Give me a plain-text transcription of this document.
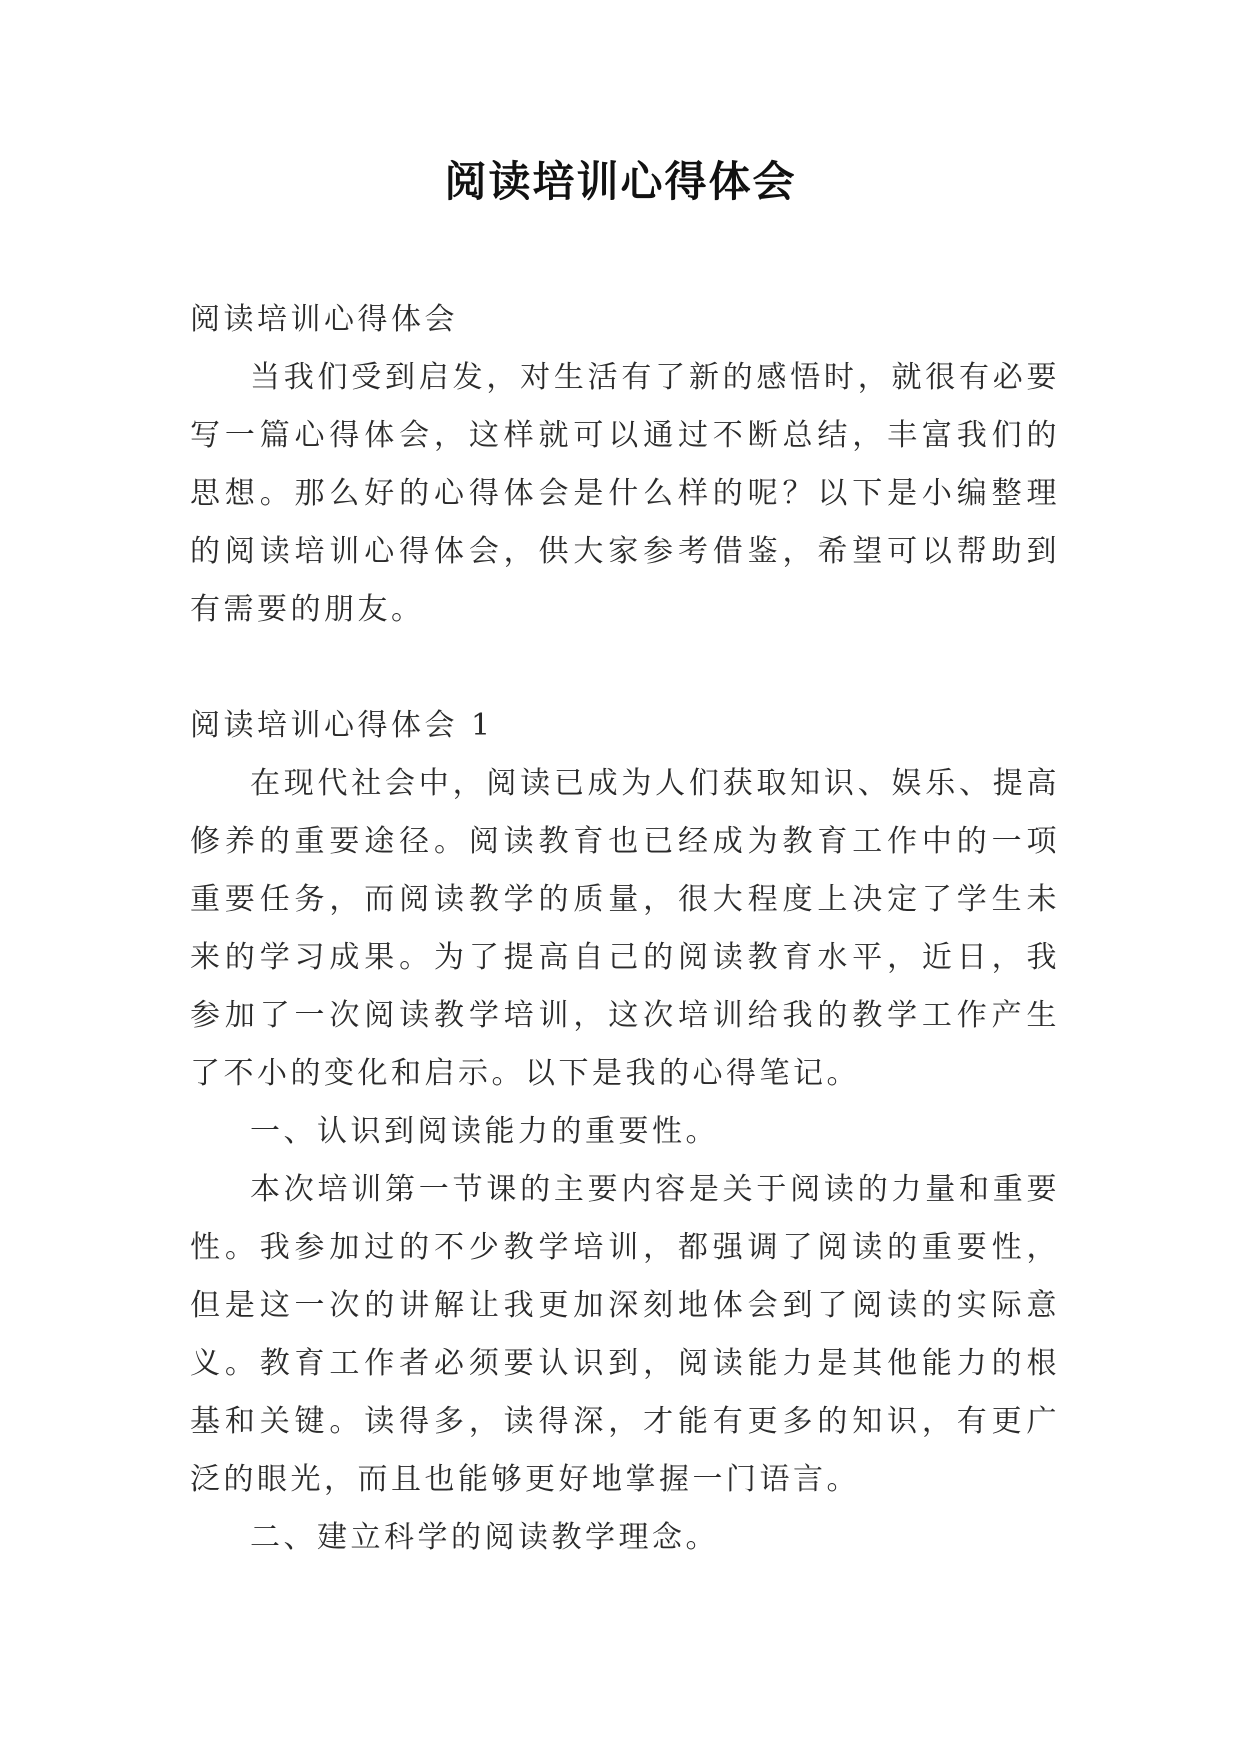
阅读培训心得体会

阅读培训心得体会

当我们受到启发，对生活有了新的感悟时，就很有必要写一篇心得体会，这样就可以通过不断总结，丰富我们的思想。那么好的心得体会是什么样的呢？以下是小编整理的阅读培训心得体会，供大家参考借鉴，希望可以帮助到有需要的朋友。

阅读培训心得体会 1

在现代社会中，阅读已成为人们获取知识、娱乐、提高修养的重要途径。阅读教育也已经成为教育工作中的一项重要任务，而阅读教学的质量，很大程度上决定了学生未来的学习成果。为了提高自己的阅读教育水平，近日，我参加了一次阅读教学培训，这次培训给我的教学工作产生了不小的变化和启示。以下是我的心得笔记。

一、认识到阅读能力的重要性。

本次培训第一节课的主要内容是关于阅读的力量和重要性。我参加过的不少教学培训，都强调了阅读的重要性，但是这一次的讲解让我更加深刻地体会到了阅读的实际意义。教育工作者必须要认识到，阅读能力是其他能力的根基和关键。读得多，读得深，才能有更多的知识，有更广泛的眼光，而且也能够更好地掌握一门语言。

二、建立科学的阅读教学理念。
